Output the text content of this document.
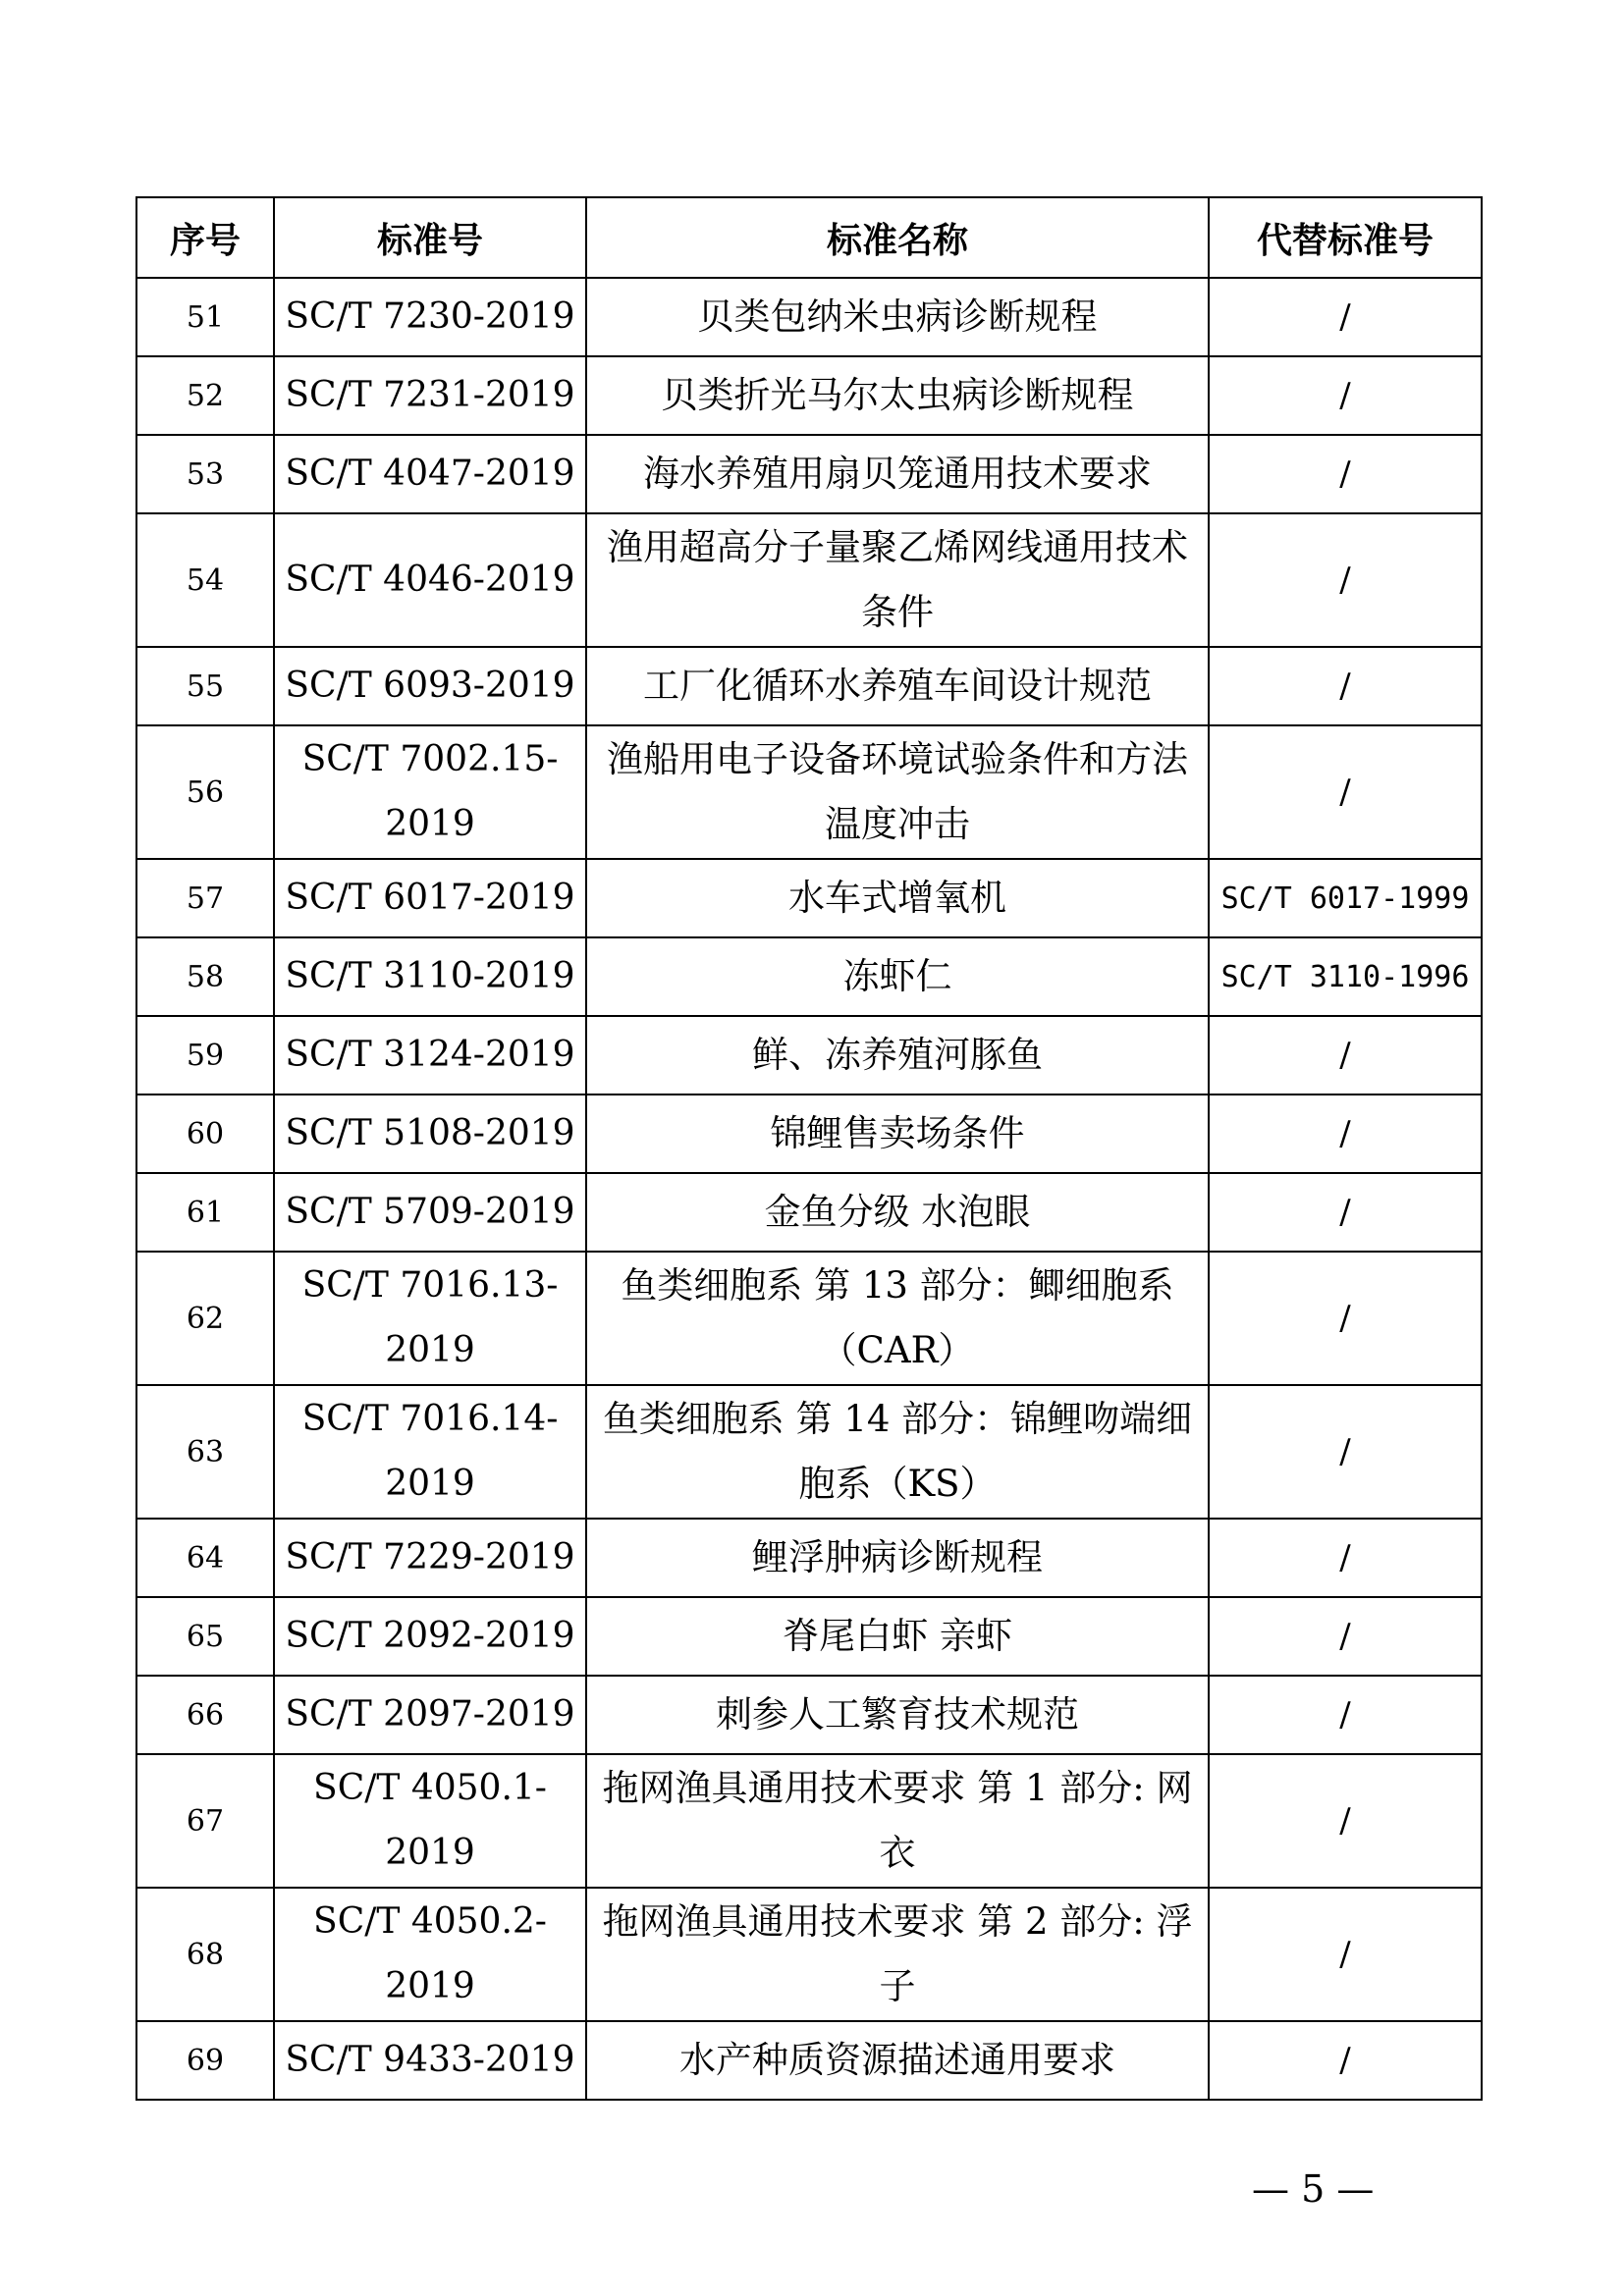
序号	标准号	标准名称	代替标准号
51	SC/T 7230-2019	贝类包纳米虫病诊断规程	/
52	SC/T 7231-2019	贝类折光马尔太虫病诊断规程	/
53	SC/T 4047-2019	海水养殖用扇贝笼通用技术要求	/
54	SC/T 4046-2019	渔用超高分子量聚乙烯网线通用技术条件	/
55	SC/T 6093-2019	工厂化循环水养殖车间设计规范	/
56	SC/T 7002.15-2019	渔船用电子设备环境试验条件和方法 温度冲击	/
57	SC/T 6017-2019	水车式增氧机	SC/T 6017-1999
58	SC/T 3110-2019	冻虾仁	SC/T 3110-1996
59	SC/T 3124-2019	鲜、冻养殖河豚鱼	/
60	SC/T 5108-2019	锦鲤售卖场条件	/
61	SC/T 5709-2019	金鱼分级 水泡眼	/
62	SC/T 7016.13-2019	鱼类细胞系 第 13 部分：鲫细胞系（CAR）	/
63	SC/T 7016.14-2019	鱼类细胞系 第 14 部分：锦鲤吻端细胞系（KS）	/
64	SC/T 7229-2019	鲤浮肿病诊断规程	/
65	SC/T 2092-2019	脊尾白虾 亲虾	/
66	SC/T 2097-2019	刺参人工繁育技术规范	/
67	SC/T 4050.1-2019	拖网渔具通用技术要求 第 1 部分: 网衣	/
68	SC/T 4050.2-2019	拖网渔具通用技术要求 第 2 部分: 浮子	/
69	SC/T 9433-2019	水产种质资源描述通用要求	/
— 5 —
